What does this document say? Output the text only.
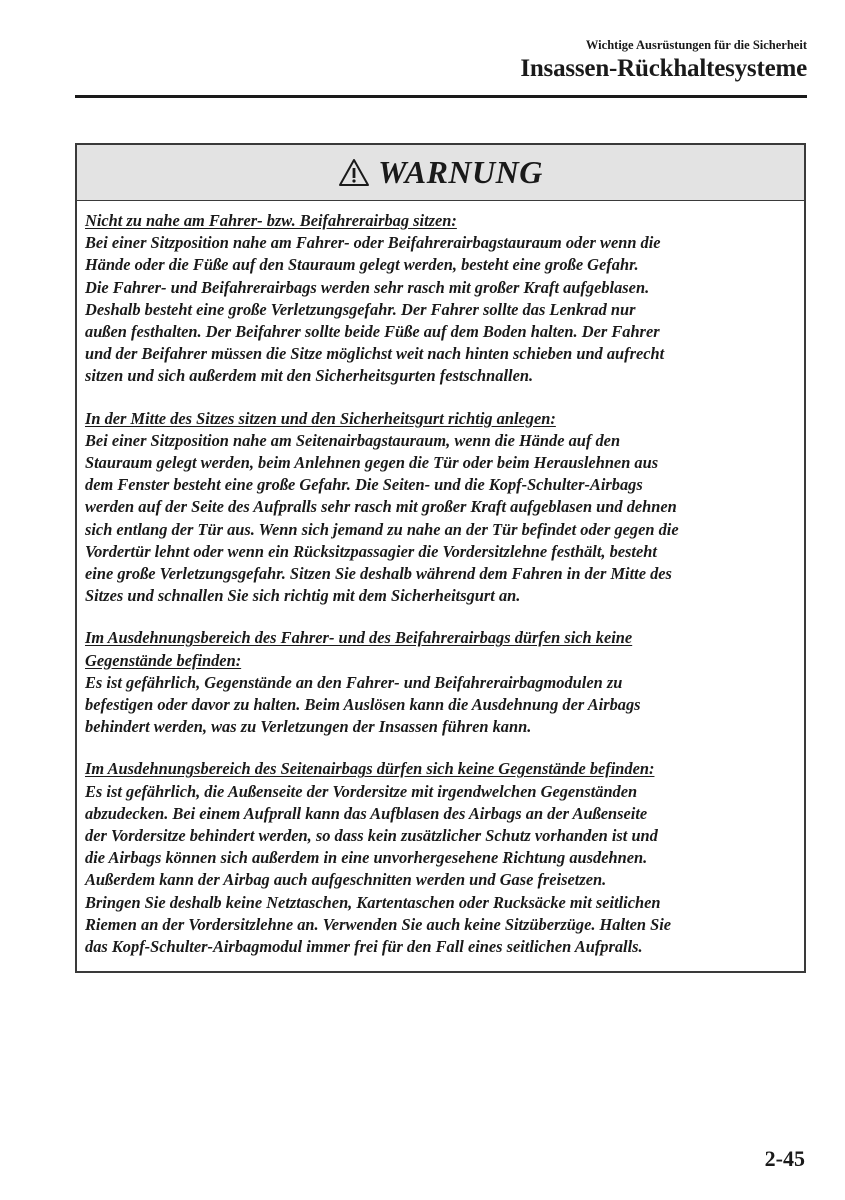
Wichtige Ausrüstungen für die Sicherheit
Insassen-Rückhaltesysteme
WARNUNG
Nicht zu nahe am Fahrer- bzw. Beifahrerairbag sitzen:
Bei einer Sitzposition nahe am Fahrer- oder Beifahrerairbagstauraum oder wenn die
Hände oder die Füße auf den Stauraum gelegt werden, besteht eine große Gefahr.
Die Fahrer- und Beifahrerairbags werden sehr rasch mit großer Kraft aufgeblasen.
Deshalb besteht eine große Verletzungsgefahr. Der Fahrer sollte das Lenkrad nur
außen festhalten. Der Beifahrer sollte beide Füße auf dem Boden halten. Der Fahrer
und der Beifahrer müssen die Sitze möglichst weit nach hinten schieben und aufrecht
sitzen und sich außerdem mit den Sicherheitsgurten festschnallen.
In der Mitte des Sitzes sitzen und den Sicherheitsgurt richtig anlegen:
Bei einer Sitzposition nahe am Seitenairbagstauraum, wenn die Hände auf den
Stauraum gelegt werden, beim Anlehnen gegen die Tür oder beim Herauslehnen aus
dem Fenster besteht eine große Gefahr. Die Seiten- und die Kopf-Schulter-Airbags
werden auf der Seite des Aufpralls sehr rasch mit großer Kraft aufgeblasen und dehnen
sich entlang der Tür aus. Wenn sich jemand zu nahe an der Tür befindet oder gegen die
Vordertür lehnt oder wenn ein Rücksitzpassagier die Vordersitzlehne festhält, besteht
eine große Verletzungsgefahr. Sitzen Sie deshalb während dem Fahren in der Mitte des
Sitzes und schnallen Sie sich richtig mit dem Sicherheitsgurt an.
Im Ausdehnungsbereich des Fahrer- und des Beifahrerairbags dürfen sich keine
Gegenstände befinden:
Es ist gefährlich, Gegenstände an den Fahrer- und Beifahrerairbagmodulen zu
befestigen oder davor zu halten. Beim Auslösen kann die Ausdehnung der Airbags
behindert werden, was zu Verletzungen der Insassen führen kann.
Im Ausdehnungsbereich des Seitenairbags dürfen sich keine Gegenstände befinden:
Es ist gefährlich, die Außenseite der Vordersitze mit irgendwelchen Gegenständen
abzudecken. Bei einem Aufprall kann das Aufblasen des Airbags an der Außenseite
der Vordersitze behindert werden, so dass kein zusätzlicher Schutz vorhanden ist und
die Airbags können sich außerdem in eine unvorhergesehene Richtung ausdehnen.
Außerdem kann der Airbag auch aufgeschnitten werden und Gase freisetzen.
Bringen Sie deshalb keine Netztaschen, Kartentaschen oder Rucksäcke mit seitlichen
Riemen an der Vordersitzlehne an. Verwenden Sie auch keine Sitzüberzüge. Halten Sie
das Kopf-Schulter-Airbagmodul immer frei für den Fall eines seitlichen Aufpralls.
2-45
